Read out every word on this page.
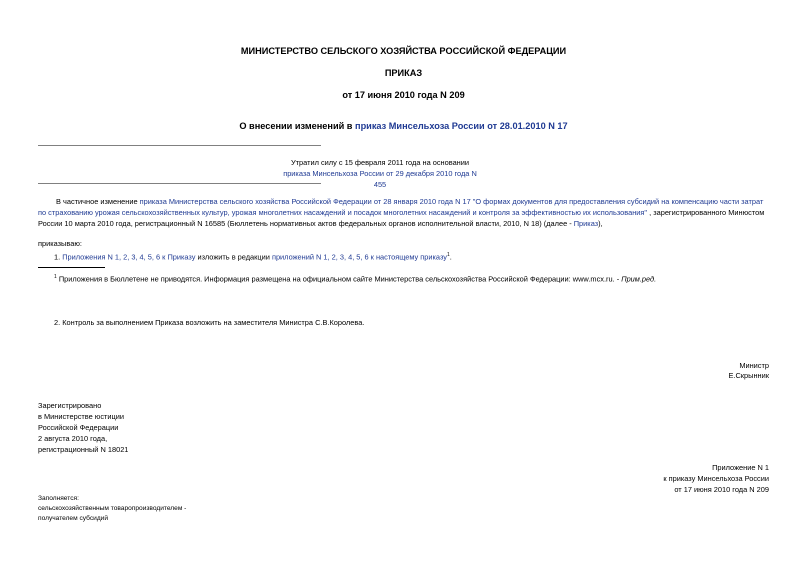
МИНИСТЕРСТВО СЕЛЬСКОГО ХОЗЯЙСТВА РОССИЙСКОЙ ФЕДЕРАЦИИ
ПРИКАЗ
от 17 июня 2010 года N 209
О внесении изменений в приказ Минсельхоза России от 28.01.2010 N 17
Утратил силу с 15 февраля 2011 года на основании
приказа Минсельхоза России от 29 декабря 2010 года N 455
В частичное изменение приказа Министерства сельского хозяйства Российской Федерации от 28 января 2010 года N 17 "О формах документов для предоставления субсидий на компенсацию части затрат по страхованию урожая сельскохозяйственных культур, урожая многолетних насаждений и посадок многолетних насаждений и контроля за эффективностью их использования" , зарегистрированного Минюстом России 10 марта 2010 года, регистрационный N 16585 (Бюллетень нормативных актов федеральных органов исполнительной власти, 2010, N 18) (далее - Приказ),
приказываю:
1. Приложения N 1, 2, 3, 4, 5, 6 к Приказу изложить в редакции приложений N 1, 2, 3, 4, 5, 6 к настоящему приказу$^1$.
$^1$ Приложения в Бюллетене не приводятся. Информация размещена на официальном сайте Министерства сельскохозяйства Российской Федерации: www.mcx.ru. - Прим.ред.
2. Контроль за выполнением Приказа возложить на заместителя Министра С.В.Королева.
Министр
Е.Скрынник
Зарегистрировано
в Министерстве юстиции
Российской Федерации
2 августа 2010 года,
регистрационный N 18021
Приложение N 1
к приказу Минсельхоза России
от 17 июня 2010 года N 209
Заполняется:
сельскохозяйственным товаропроизводителем -
получателем субсидий
